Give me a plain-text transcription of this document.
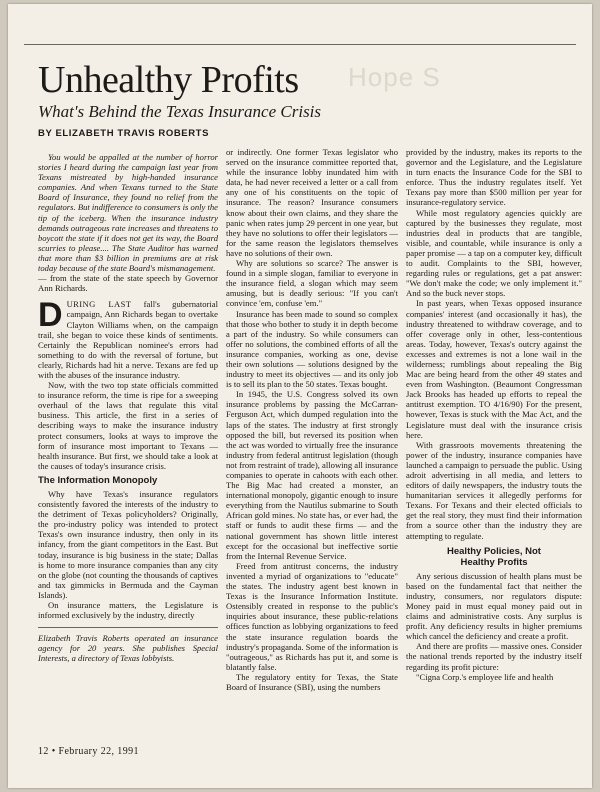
Hope S
Unhealthy Profits
What's Behind the Texas Insurance Crisis
BY ELIZABETH TRAVIS ROBERTS

You would be appalled at the number of horror stories I heard during the campaign last year from Texans mistreated by high-handed insurance companies. And when Texans turned to the State Board of Insurance, they found no relief from the regulators. But indifference to consumers is only the tip of the iceberg. When the insurance industry demands outrageous rate increases and threatens to boycott the state if it does not get its way, the Board scurries to please.... The State Auditor has warned that more than $3 billion in premiums are at risk today because of the state Board's mismanagement.

— from the state of the state speech by Governor Ann Richards.

DURING LAST fall's gubernatorial campaign, Ann Richards began to overtake Clayton Williams when, on the campaign trail, she began to voice these kinds of sentiments. Certainly the Republican nominee's errors had something to do with the reversal of fortune, but clearly, Richards had hit a nerve. Texans are fed up with the abuses of the insurance industry.

Now, with the two top state officials committed to insurance reform, the time is ripe for a sweeping overhaul of the laws that regulate this vital business. This article, the first in a series of describing ways to make the insurance industry protect consumers, looks at ways to improve the form of insurance most important to Texans — health insurance. But first, we should take a look at the causes of today's insurance crisis.

The Information Monopoly

Why have Texas's insurance regulators consistently favored the interests of the industry to the detriment of Texas policyholders? Originally, the pro-industry policy was intended to protect Texas's own insurance industry, then only in its infancy, from the giant competitors in the East. But today, insurance is big business in the state; Dallas is home to more insurance companies than any city on the globe (not counting the thousands of captives and tax gimmicks in Bermuda and the Cayman Islands).

On insurance matters, the Legislature is informed exclusively by the industry, directly

Elizabeth Travis Roberts operated an insurance agency for 20 years. She publishes Special Interests, a directory of Texas lobbyists.

or indirectly. One former Texas legislator who served on the insurance committee reported that, while the insurance lobby inundated him with data, he had never received a letter or a call from any one of his constituents on the topic of insurance. The reason? Insurance consumers know about their own claims, and they share the panic when rates jump 29 percent in one year, but they have no solutions to offer their legislators — for the same reason the legislators themselves have no solutions of their own.

Why are solutions so scarce? The answer is found in a simple slogan, familiar to everyone in the insurance field, a slogan which may seem amusing, but is deadly serious: "If you can't convince 'em, confuse 'em."

Insurance has been made to sound so complex that those who bother to study it in depth become a part of the industry. So while consumers can offer no solutions, the combined efforts of all the insurance companies, working as one, devise their own solutions — solutions designed by the industry to meet its objectives — and its only job is to sell its plan to the 50 states. Texas bought.

In 1945, the U.S. Congress solved its own insurance problems by passing the McCarran-Ferguson Act, which dumped regulation into the laps of the states. The industry at first strongly opposed the bill, but reversed its position when the act was worded to virtually free the insurance industry from federal antitrust legislation (though not from restraint of trade), allowing all insurance companies to operate in cahoots with each other. The Big Mac had created a monster, an international monopoly, gigantic enough to insure everything from the Nautilus submarine to South African gold mines. No state has, or ever had, the staff or funds to audit these firms — and the national government has shown little interest except for the occasional but ineffective sortie from the Internal Revenue Service.

Freed from antitrust concerns, the industry invented a myriad of organizations to "educate" the states. The industry agent best known in Texas is the Insurance Information Institute. Ostensibly created in response to the public's inquiries about insurance, these public-relations offices function as lobbying organizations to feed the state insurance regulation boards the industry's propaganda. Some of the information is "outrageous," as Richards has put it, and some is blatantly false.

The regulatory entity for Texas, the State Board of Insurance (SBI), using the numbers

provided by the industry, makes its reports to the governor and the Legislature, and the Legislature in turn enacts the Insurance Code for the SBI to enforce. Thus the industry regulates itself. Yet Texans pay more than $500 million per year for insurance-regulatory service.

While most regulatory agencies quickly are captured by the businesses they regulate, most industries deal in products that are tangible, visible, and countable, while insurance is only a paper promise — a tap on a computer key, difficult to audit. Complaints to the SBI, however, regarding rules or regulations, get a pat answer: "We don't make the code; we only implement it." And so the buck never stops.

In past years, when Texas opposed insurance companies' interest (and occasionally it has), the industry threatened to withdraw coverage, and to offer coverage only in other, less-contentious areas. Today, however, Texas's outcry against the excesses and extremes is not a lone wail in the wilderness; rumblings about repealing the Big Mac are being heard from the other 49 states and even from Washington. (Beaumont Congressman Jack Brooks has headed up efforts to repeal the antitrust exemption. TO 4/16/90) For the present, however, Texas is stuck with the Mac Act, and the Legislature must deal with the insurance crisis here.

With grassroots movements threatening the power of the industry, insurance companies have launched a campaign to persuade the public. Using adroit advertising in all media, and letters to editors of daily newspapers, the industry touts the humanitarian services it allegedly performs for Texans. For Texans and their elected officials to get the real story, they must find their information from a source other than the industry they are attempting to regulate.

Healthy Policies, Not
Healthy Profits

Any serious discussion of health plans must be based on the fundamental fact that neither the industry, consumers, nor regulators dispute: Money paid in must equal money paid out in claims and administrative costs. Any surplus is profit. Any deficiency results in higher premiums which cancel the deficiency and create a profit.

And there are profits — massive ones. Consider the national trends reported by the industry itself regarding its profit picture:

"Cigna Corp.'s employee life and health

12 • February 22, 1991
